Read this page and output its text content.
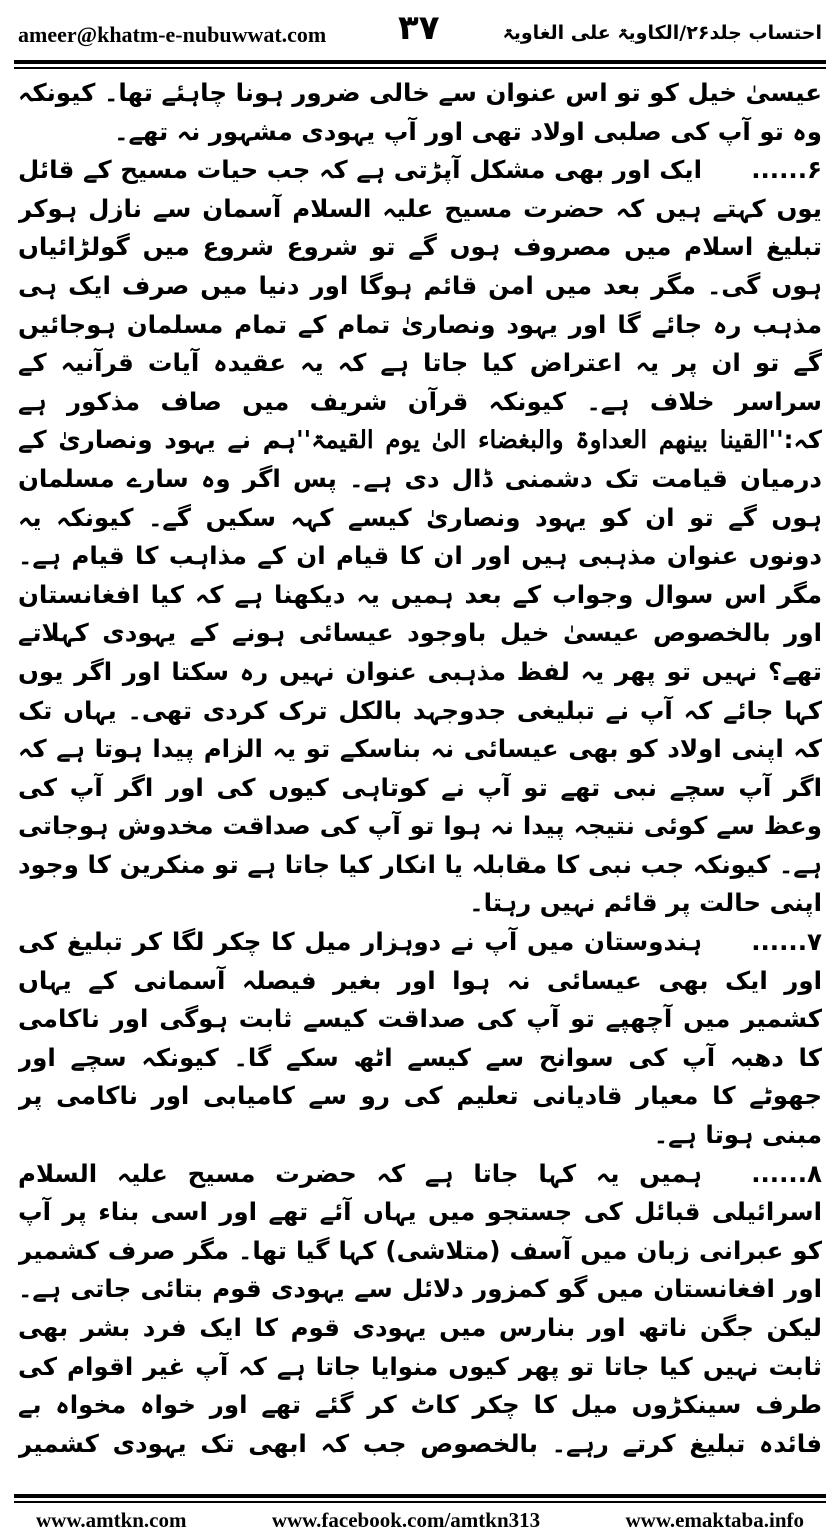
ameer@khatm-e-nubuwwat.com ۳۷	احتساب جلد۲۶/الکاویۃ علی الغاویۃ

عیسیٰ خیل کو تو اس عنوان سے خالی ضرور ہونا چاہئے تھا۔ کیونکہ وہ تو آپ کی صلبی اولاد تھی اور آپ یہودی مشہور نہ تھے۔

۶......ایک اور بھی مشکل آپڑتی ہے کہ جب حیات مسیح کے قائل یوں کہتے ہیں کہ حضرت مسیح علیہ السلام آسمان سے نازل ہوکر تبلیغ اسلام میں مصروف ہوں گے تو شروع شروع میں گولڑائیاں ہوں گی۔ مگر بعد میں امن قائم ہوگا اور دنیا میں صرف ایک ہی مذہب رہ جائے گا اور یہود ونصاریٰ تمام کے تمام مسلمان ہوجائیں گے تو ان پر یہ اعتراض کیا جاتا ہے کہ یہ عقیدہ آیات قرآنیہ کے سراسر خلاف ہے۔ کیونکہ قرآن شریف میں صاف مذکور ہے کہ:''القینا بینھم العداوۃ والبغضاء الیٰ یوم القیمۃ''ہم نے یہود ونصاریٰ کے درمیان قیامت تک دشمنی ڈال دی ہے۔ پس اگر وہ سارے مسلمان ہوں گے تو ان کو یہود ونصاریٰ کیسے کہہ سکیں گے۔ کیونکہ یہ دونوں عنوان مذہبی ہیں اور ان کا قیام ان کے مذاہب کا قیام ہے۔ مگر اس سوال وجواب کے بعد ہمیں یہ دیکھنا ہے کہ کیا افغانستان اور بالخصوص عیسیٰ خیل باوجود عیسائی ہونے کے یہودی کہلاتے تھے؟ نہیں تو پھر یہ لفظ مذہبی عنوان نہیں رہ سکتا اور اگر یوں کہا جائے کہ آپ نے تبلیغی جدوجہد بالکل ترک کردی تھی۔ یہاں تک کہ اپنی اولاد کو بھی عیسائی نہ بناسکے تو یہ الزام پیدا ہوتا ہے کہ اگر آپ سچے نبی تھے تو آپ نے کوتاہی کیوں کی اور اگر آپ کی وعظ سے کوئی نتیجہ پیدا نہ ہوا تو آپ کی صداقت مخدوش ہوجاتی ہے۔ کیونکہ جب نبی کا مقابلہ یا انکار کیا جاتا ہے تو منکرین کا وجود اپنی حالت پر قائم نہیں رہتا۔

۷......ہندوستان میں آپ نے دوہزار میل کا چکر لگا کر تبلیغ کی اور ایک بھی عیسائی نہ ہوا اور بغیر فیصلہ آسمانی کے یہاں کشمیر میں آچھپے تو آپ کی صداقت کیسے ثابت ہوگی اور ناکامی کا دھبہ آپ کی سوانح سے کیسے اٹھ سکے گا۔ کیونکہ سچے اور جھوٹے کا معیار قادیانی تعلیم کی رو سے کامیابی اور ناکامی پر مبنی ہوتا ہے۔

۸......ہمیں یہ کہا جاتا ہے کہ حضرت مسیح علیہ السلام اسرائیلی قبائل کی جستجو میں یہاں آئے تھے اور اسی بناء پر آپ کو عبرانی زبان میں آسف (متلاشی) کہا گیا تھا۔ مگر صرف کشمیر اور افغانستان میں گو کمزور دلائل سے یہودی قوم بتائی جاتی ہے۔ لیکن جگن ناتھ اور بنارس میں یہودی قوم کا ایک فرد بشر بھی ثابت نہیں کیا جاتا تو پھر کیوں منوایا جاتا ہے کہ آپ غیر اقوام کی طرف سینکڑوں میل کا چکر کاٹ کر گئے تھے اور خواہ مخواہ بے فائدہ تبلیغ کرتے رہے۔ بالخصوص جب کہ ابھی تک یہودی کشمیر

www.amtkn.com	www.facebook.com/amtkn313	www.emaktaba.info
